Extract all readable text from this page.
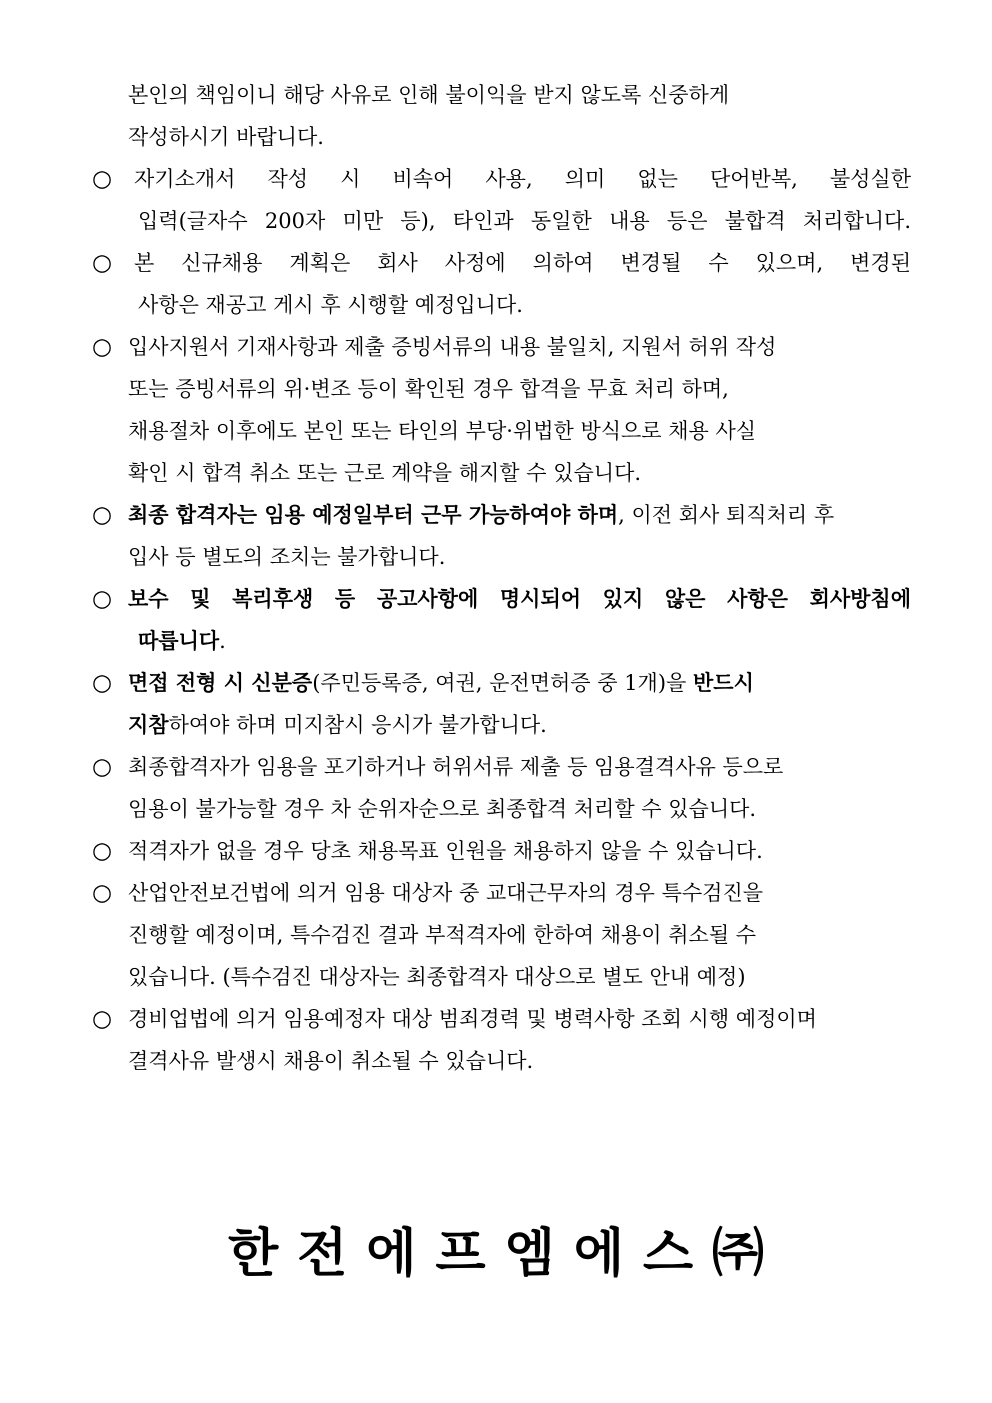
본인의 책임이니 해당 사유로 인해 불이익을 받지 않도록 신중하게
작성하시기 바랍니다.
○ 자기소개서 작성 시 비속어 사용, 의미 없는 단어반복, 불성실한
입력(글자수 200자 미만 등), 타인과 동일한 내용 등은 불합격 처리합니다.
○ 본 신규채용 계획은 회사 사정에 의하여 변경될 수 있으며, 변경된
사항은 재공고 게시 후 시행할 예정입니다.
○ 입사지원서 기재사항과 제출 증빙서류의 내용 불일치, 지원서 허위 작성
또는 증빙서류의 위·변조 등이 확인된 경우 합격을 무효 처리 하며,
채용절차 이후에도 본인 또는 타인의 부당·위법한 방식으로 채용 사실
확인 시 합격 취소 또는 근로 계약을 해지할 수 있습니다.
○ 최종 합격자는 임용 예정일부터 근무 가능하여야 하며, 이전 회사 퇴직처리 후
입사 등 별도의 조치는 불가합니다.
○ 보수 및 복리후생 등 공고사항에 명시되어 있지 않은 사항은 회사방침에
따릅니다.
○ 면접 전형 시 신분증(주민등록증, 여권, 운전면허증 중 1개)을 반드시
지참하여야 하며 미지참시 응시가 불가합니다.
○ 최종합격자가 임용을 포기하거나 허위서류 제출 등 임용결격사유 등으로
임용이 불가능할 경우 차 순위자순으로 최종합격 처리할 수 있습니다.
○ 적격자가 없을 경우 당초 채용목표 인원을 채용하지 않을 수 있습니다.
○ 산업안전보건법에 의거 임용 대상자 중 교대근무자의 경우 특수검진을
진행할 예정이며, 특수검진 결과 부적격자에 한하여 채용이 취소될 수
있습니다. (특수검진 대상자는 최종합격자 대상으로 별도 안내 예정)
○ 경비업법에 의거 임용예정자 대상 범죄경력 및 병력사항 조회 시행 예정이며
결격사유 발생시 채용이 취소될 수 있습니다.
한 전 에 프 엠 에 스 ㈜
